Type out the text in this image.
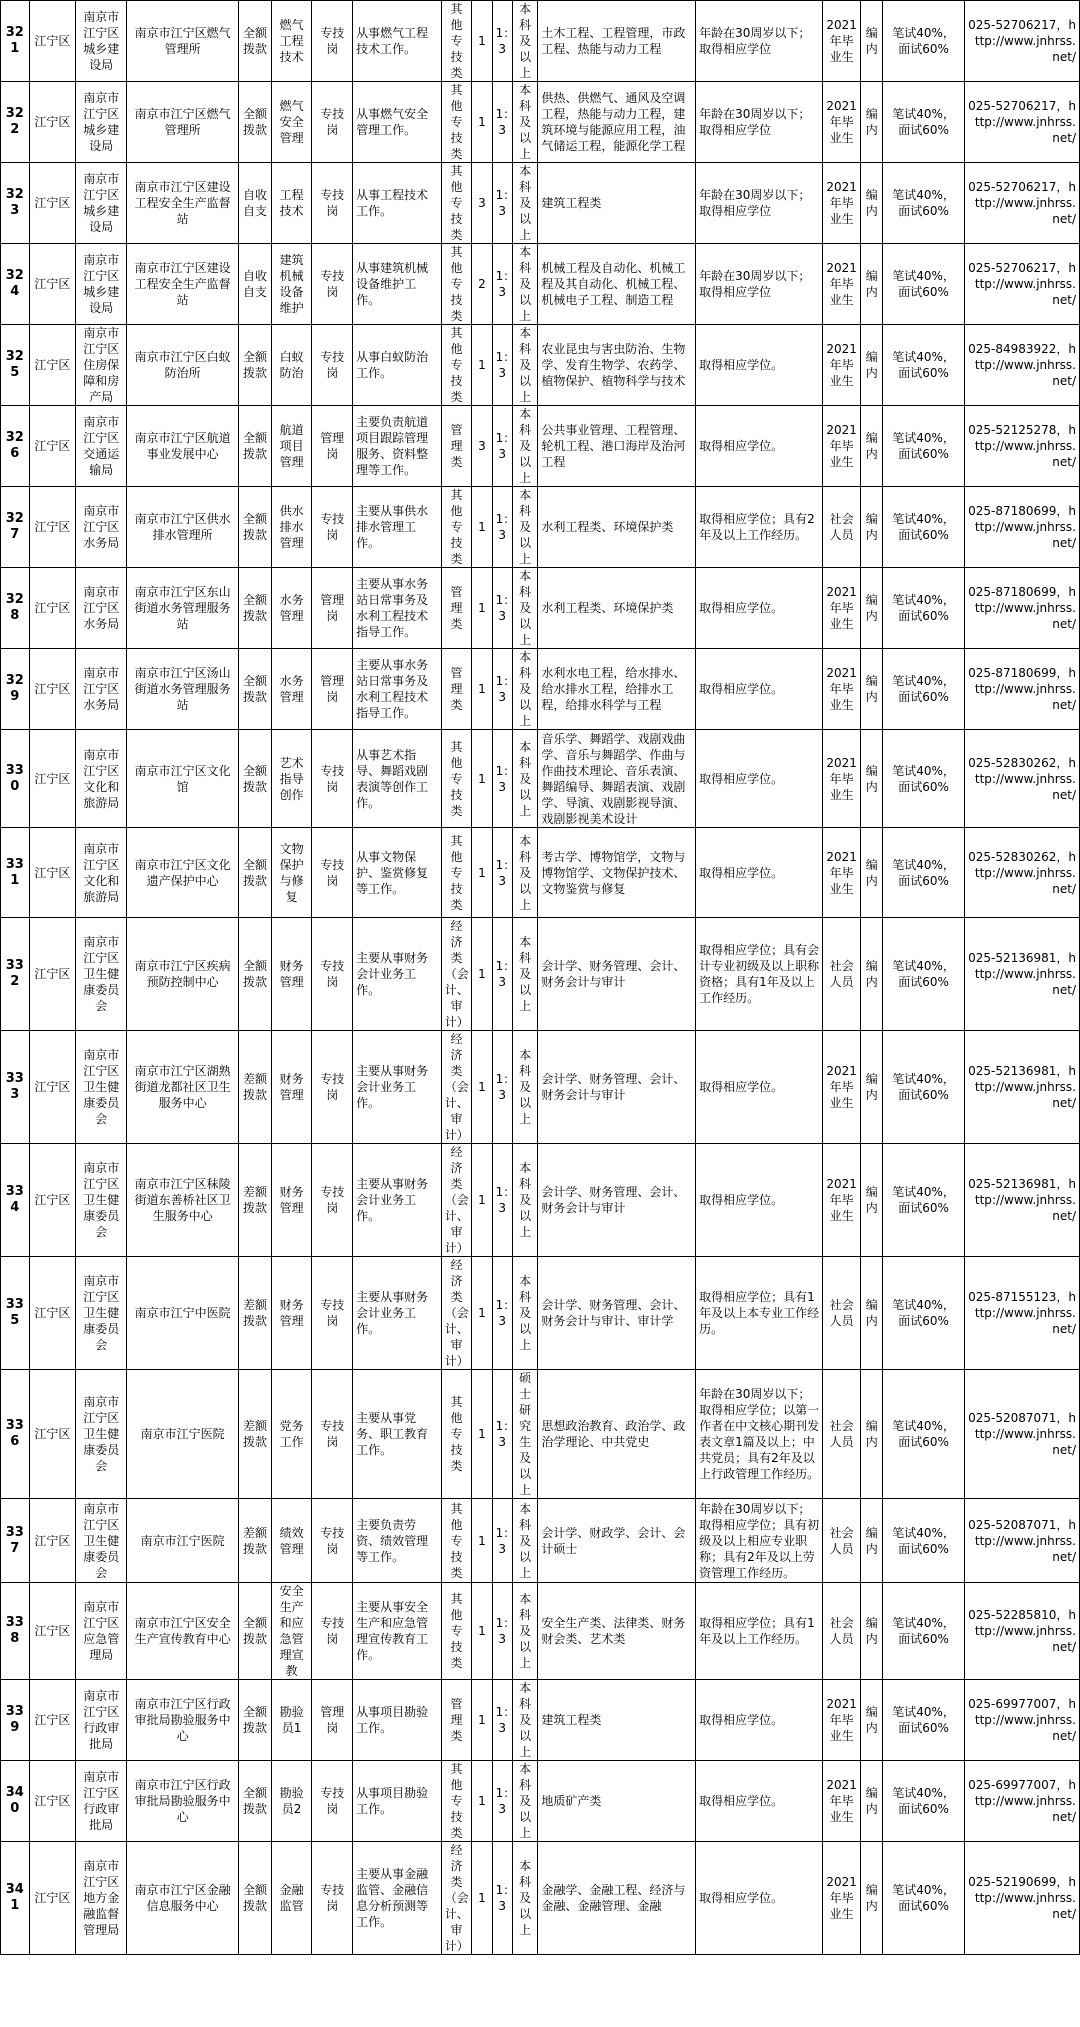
321	江宁区	南京市江宁区城乡建设局	南京市江宁区燃气管理所	全额拨款	燃气工程技术	专技岗	从事燃气工程技术工作。	其他专技类	1	1：3	本科及以上	土木工程、工程管理，市政工程、热能与动力工程	年龄在30周岁以下；取得相应学位	2021年毕业生	编内	笔试40%，面试60%	025-52706217，http://www.jnhrss.net/
322	江宁区	南京市江宁区城乡建设局	南京市江宁区燃气管理所	全额拨款	燃气安全管理	专技岗	从事燃气安全管理工作。	其他专技类	1	1：3	本科及以上	供热、供燃气、通风及空调工程，热能与动力工程，建筑环境与能源应用工程，油气储运工程，能源化学工程	年龄在30周岁以下；取得相应学位	2021年毕业生	编内	笔试40%，面试60%	025-52706217，http://www.jnhrss.net/
323	江宁区	南京市江宁区城乡建设局	南京市江宁区建设工程安全生产监督站	自收自支	工程技术	专技岗	从事工程技术工作。	其他专技类	3	1：3	本科及以上	建筑工程类	年龄在30周岁以下；取得相应学位	2021年毕业生	编内	笔试40%，面试60%	025-52706217，http://www.jnhrss.net/
324	江宁区	南京市江宁区城乡建设局	南京市江宁区建设工程安全生产监督站	自收自支	建筑机械设备维护	专技岗	从事建筑机械设备维护工作。	其他专技类	2	1：3	本科及以上	机械工程及自动化、机械工程及其自动化、机械工程、机械电子工程、制造工程	年龄在30周岁以下；取得相应学位	2021年毕业生	编内	笔试40%，面试60%	025-52706217，http://www.jnhrss.net/
325	江宁区	南京市江宁区住房保障和房产局	南京市江宁区白蚁防治所	全额拨款	白蚁防治	专技岗	从事白蚁防治工作。	其他专技类	1	1：3	本科及以上	农业昆虫与害虫防治、生物学、发育生物学、农药学、植物保护、植物科学与技术	取得相应学位。	2021年毕业生	编内	笔试40%，面试60%	025-84983922，http://www.jnhrss.net/
326	江宁区	南京市江宁区交通运输局	南京市江宁区航道事业发展中心	全额拨款	航道项目管理	管理岗	主要负责航道项目跟踪管理服务、资料整理等工作。	管理类	3	1：3	本科及以上	公共事业管理、工程管理、轮机工程、港口海岸及治河工程	取得相应学位。	2021年毕业生	编内	笔试40%，面试60%	025-52125278，http://www.jnhrss.net/
327	江宁区	南京市江宁区水务局	南京市江宁区供水排水管理所	全额拨款	供水排水管理	专技岗	主要从事供水排水管理工作。	其他专技类	1	1：3	本科及以上	水利工程类、环境保护类	取得相应学位；具有2年及以上工作经历。	社会人员	编内	笔试40%，面试60%	025-87180699，http://www.jnhrss.net/
328	江宁区	南京市江宁区水务局	南京市江宁区东山街道水务管理服务站	全额拨款	水务管理	管理岗	主要从事水务站日常事务及水利工程技术指导工作。	管理类	1	1：3	本科及以上	水利工程类、环境保护类	取得相应学位。	2021年毕业生	编内	笔试40%，面试60%	025-87180699，http://www.jnhrss.net/
329	江宁区	南京市江宁区水务局	南京市江宁区汤山街道水务管理服务站	全额拨款	水务管理	管理岗	主要从事水务站日常事务及水利工程技术指导工作。	管理类	1	1：3	本科及以上	水利水电工程，给水排水、给水排水工程，给排水工程，给排水科学与工程	取得相应学位。	2021年毕业生	编内	笔试40%，面试60%	025-87180699，http://www.jnhrss.net/
330	江宁区	南京市江宁区文化和旅游局	南京市江宁区文化馆	全额拨款	艺术指导创作	专技岗	从事艺术指导、舞蹈戏剧表演等创作工作。	其他专技类	1	1：3	本科及以上	音乐学、舞蹈学、戏剧戏曲学、音乐与舞蹈学、作曲与作曲技术理论、音乐表演、舞蹈编导、舞蹈表演、戏剧学、导演、戏剧影视导演、戏剧影视美术设计	取得相应学位。	2021年毕业生	编内	笔试40%，面试60%	025-52830262，http://www.jnhrss.net/
331	江宁区	南京市江宁区文化和旅游局	南京市江宁区文化遗产保护中心	全额拨款	文物保护与修复	专技岗	从事文物保护、鉴赏修复等工作。	其他专技类	1	1：3	本科及以上	考古学、博物馆学，文物与博物馆学、文物保护技术、文物鉴赏与修复	取得相应学位。	2021年毕业生	编内	笔试40%，面试60%	025-52830262，http://www.jnhrss.net/
332	江宁区	南京市江宁区卫生健康委员会	南京市江宁区疾病预防控制中心	全额拨款	财务管理	专技岗	主要从事财务会计业务工作。	经济类（会计、审计）	1	1：3	本科及以上	会计学、财务管理、会计、财务会计与审计	取得相应学位；具有会计专业初级及以上职称资格；具有1年及以上工作经历。	社会人员	编内	笔试40%，面试60%	025-52136981，http://www.jnhrss.net/
333	江宁区	南京市江宁区卫生健康委员会	南京市江宁区湖熟街道龙都社区卫生服务中心	差额拨款	财务管理	专技岗	主要从事财务会计业务工作。	经济类（会计、审计）	1	1：3	本科及以上	会计学、财务管理、会计、财务会计与审计	取得相应学位。	2021年毕业生	编内	笔试40%，面试60%	025-52136981，http://www.jnhrss.net/
334	江宁区	南京市江宁区卫生健康委员会	南京市江宁区秣陵街道东善桥社区卫生服务中心	差额拨款	财务管理	专技岗	主要从事财务会计业务工作。	经济类（会计、审计）	1	1：3	本科及以上	会计学、财务管理、会计、财务会计与审计	取得相应学位。	2021年毕业生	编内	笔试40%，面试60%	025-52136981，http://www.jnhrss.net/
335	江宁区	南京市江宁区卫生健康委员会	南京市江宁中医院	差额拨款	财务管理	专技岗	主要从事财务会计业务工作。	经济类（会计、审计）	1	1：3	本科及以上	会计学、财务管理、会计、财务会计与审计、审计学	取得相应学位；具有1年及以上本专业工作经历。	社会人员	编内	笔试40%，面试60%	025-87155123，http://www.jnhrss.net/
336	江宁区	南京市江宁区卫生健康委员会	南京市江宁医院	差额拨款	党务工作	专技岗	主要从事党务、职工教育工作。	其他专技类	1	1：3	硕士研究生及以上	思想政治教育、政治学、政治学理论、中共党史	年龄在30周岁以下；取得相应学位；以第一作者在中文核心期刊发表文章1篇及以上；中共党员；具有2年及以上行政管理工作经历。	社会人员	编内	笔试40%，面试60%	025-52087071，http://www.jnhrss.net/
337	江宁区	南京市江宁区卫生健康委员会	南京市江宁医院	差额拨款	绩效管理	专技岗	主要负责劳资、绩效管理等工作。	其他专技类	1	1：3	本科及以上	会计学、财政学、会计、会计硕士	年龄在30周岁以下；取得相应学位；具有初级及以上相应专业职称；具有2年及以上劳资管理工作经历。	社会人员	编内	笔试40%，面试60%	025-52087071，http://www.jnhrss.net/
338	江宁区	南京市江宁区应急管理局	南京市江宁区安全生产宣传教育中心	全额拨款	安全生产和应急管理宣教	专技岗	主要从事安全生产和应急管理宣传教育工作。	其他专技类	1	1：3	本科及以上	安全生产类、法律类、财务财会类、艺术类	取得相应学位；具有1年及以上工作经历。	社会人员	编内	笔试40%，面试60%	025-52285810，http://www.jnhrss.net/
339	江宁区	南京市江宁区行政审批局	南京市江宁区行政审批局勘验服务中心	全额拨款	勘验员1	管理岗	从事项目勘验工作。	管理类	1	1：3	本科及以上	建筑工程类	取得相应学位。	2021年毕业生	编内	笔试40%，面试60%	025-69977007，http://www.jnhrss.net/
340	江宁区	南京市江宁区行政审批局	南京市江宁区行政审批局勘验服务中心	全额拨款	勘验员2	专技岗	从事项目勘验工作。	其他专技类	1	1：3	本科及以上	地质矿产类	取得相应学位。	2021年毕业生	编内	笔试40%，面试60%	025-69977007，http://www.jnhrss.net/
341	江宁区	南京市江宁区地方金融监督管理局	南京市江宁区金融信息服务中心	全额拨款	金融监管	专技岗	主要从事金融监管、金融信息分析预测等工作。	经济类（会计、审计）	1	1：3	本科及以上	金融学、金融工程、经济与金融、金融管理、金融	取得相应学位。	2021年毕业生	编内	笔试40%，面试60%	025-52190699，http://www.jnhrss.net/
